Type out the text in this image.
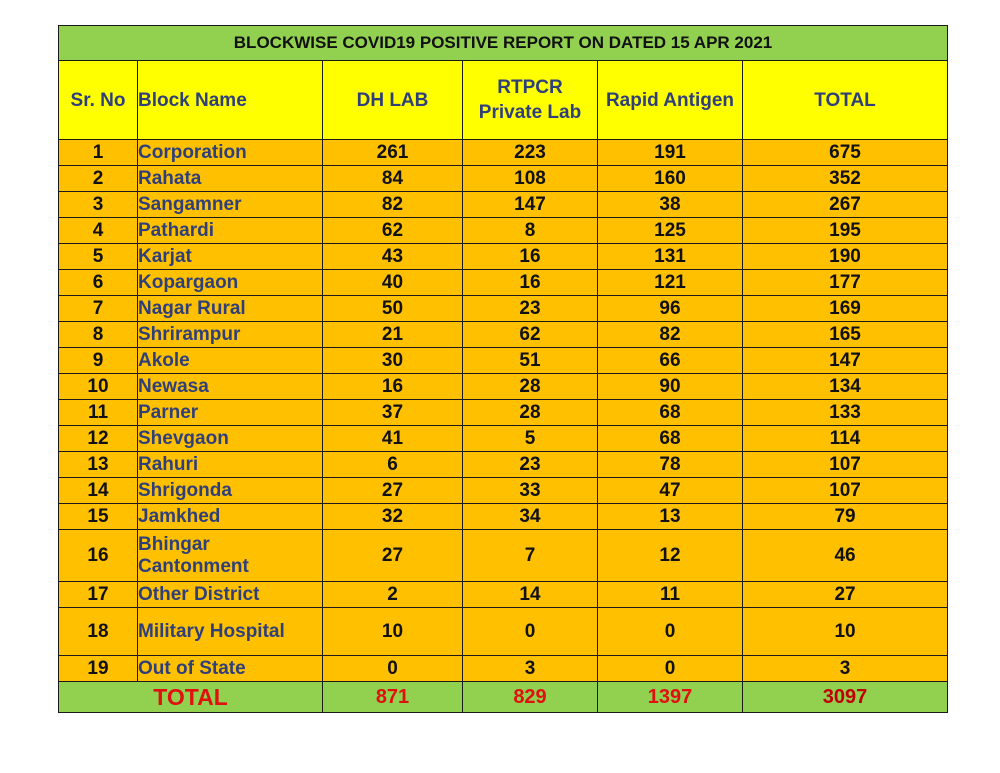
BLOCKWISE COVID19 POSITIVE REPORT ON DATED 15 APR 2021					
Sr. No	Block Name	DH LAB	RTPCR Private Lab	Rapid Antigen	TOTAL
1	Corporation	261	223	191	675
2	Rahata	84	108	160	352
3	Sangamner	82	147	38	267
4	Pathardi	62	8	125	195
5	Karjat	43	16	131	190
6	Kopargaon	40	16	121	177
7	Nagar Rural	50	23	96	169
8	Shrirampur	21	62	82	165
9	Akole	30	51	66	147
10	Newasa	16	28	90	134
11	Parner	37	28	68	133
12	Shevgaon	41	5	68	114
13	Rahuri	6	23	78	107
14	Shrigonda	27	33	47	107
15	Jamkhed	32	34	13	79
16	Bhingar Cantonment	27	7	12	46
17	Other District	2	14	11	27
18	Military Hospital	10	0	0	10
19	Out of State	0	3	0	3
TOTAL		871	829	1397	3097
